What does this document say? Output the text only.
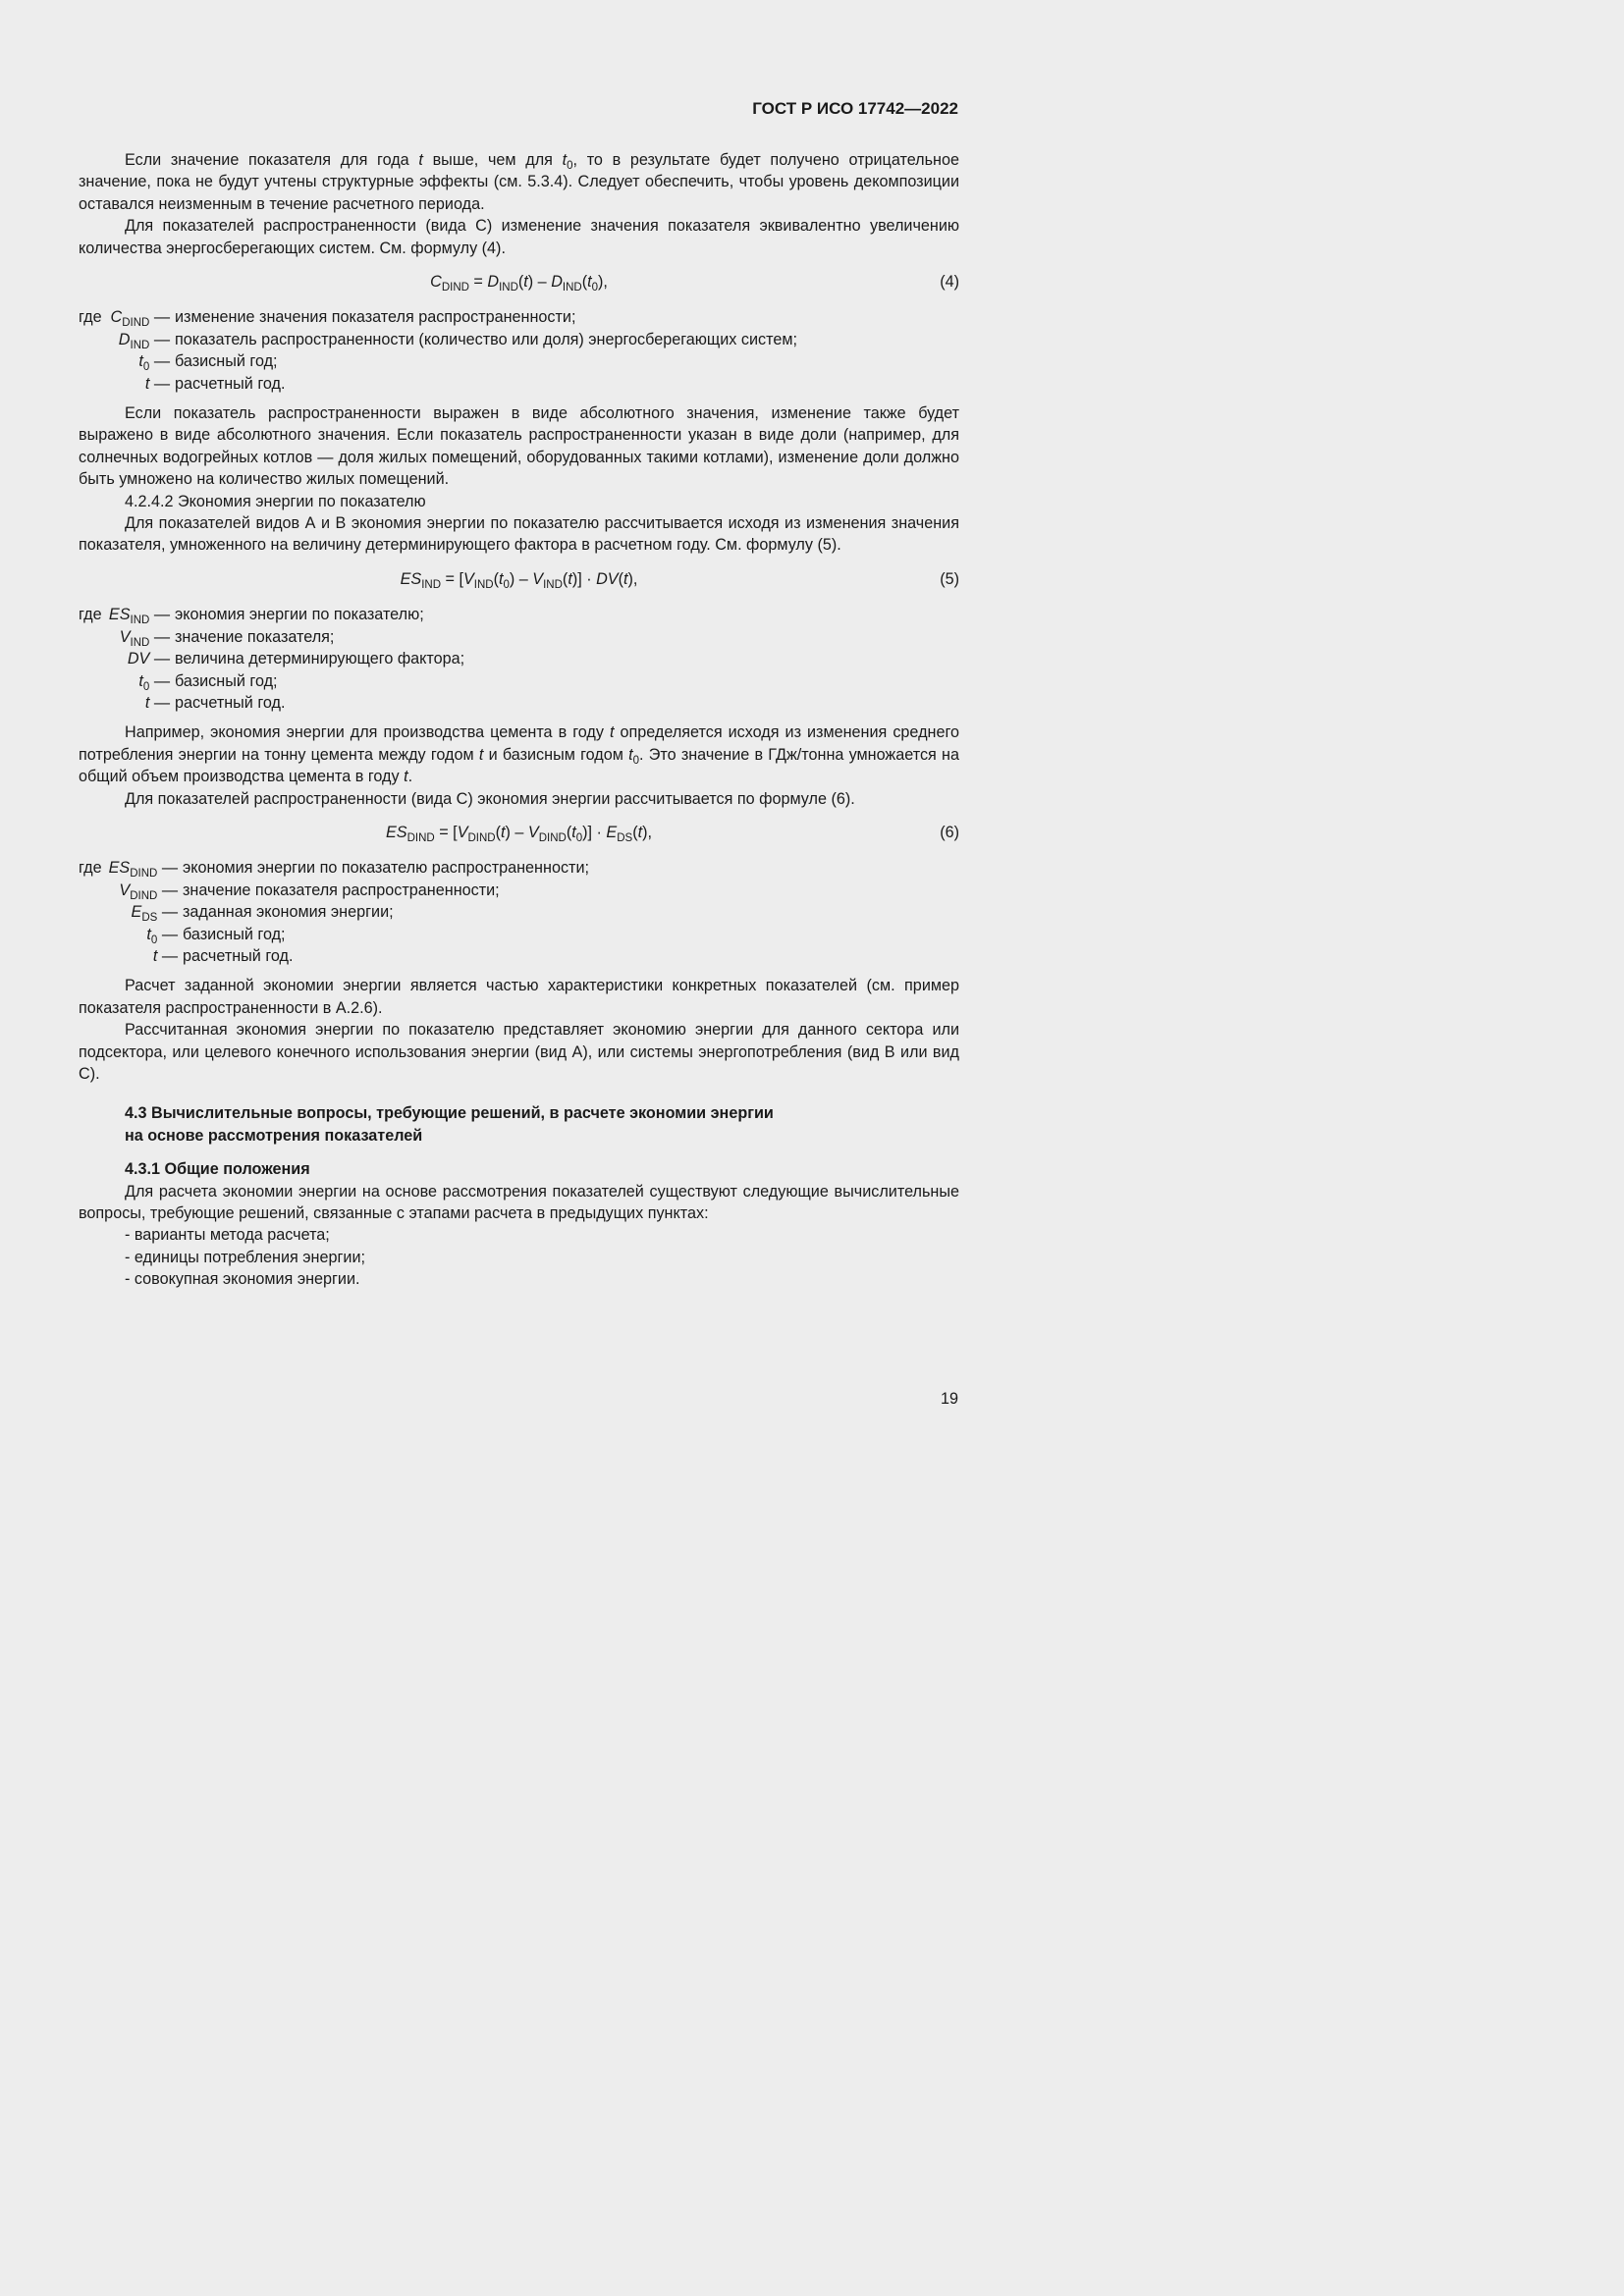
ГОСТ Р ИСО 17742—2022

Если значение показателя для года t выше, чем для $t_0$, то в результате будет получено отрицательное значение, пока не будут учтены структурные эффекты (см. 5.3.4). Следует обеспечить, чтобы уровень декомпозиции оставался неизменным в течение расчетного периода.

Для показателей распространенности (вида С) изменение значения показателя эквивалентно увеличению количества энергосберегающих систем. См. формулу (4).

$C_{DIND} = D_{IND}(t) - D_{IND}(t_0)$,	(4)
где $C_{DIND}$ — изменение значения показателя распространенности;
$D_{IND}$ — показатель распространенности (количество или доля) энергосберегающих систем;
$t_0$ — базисный год;
t — расчетный год.

Если показатель распространенности выражен в виде абсолютного значения, изменение также будет выражено в виде абсолютного значения. Если показатель распространенности указан в виде доли (например, для солнечных водогрейных котлов — доля жилых помещений, оборудованных такими котлами), изменение доли должно быть умножено на количество жилых помещений.

4.2.4.2 Экономия энергии по показателю

Для показателей видов А и В экономия энергии по показателю рассчитывается исходя из изменения значения показателя, умноженного на величину детерминирующего фактора в расчетном году. См. формулу (5).

$ES_{IND} = [V_{IND}(t_0) - V_{IND}(t)] \cdot DV(t)$,	(5)
где $ES_{IND}$ — экономия энергии по показателю;
$V_{IND}$ — значение показателя;
DV — величина детерминирующего фактора;
$t_0$ — базисный год;
t — расчетный год.

Например, экономия энергии для производства цемента в году t определяется исходя из изменения среднего потребления энергии на тонну цемента между годом t и базисным годом $t_0$. Это значение в ГДж/тонна умножается на общий объем производства цемента в году t.

Для показателей распространенности (вида С) экономия энергии рассчитывается по формуле (6).

$ES_{DIND} = [V_{DIND}(t) - V_{DIND}(t_0)] \cdot E_{DS}(t)$,	(6)
где $ES_{DIND}$ — экономия энергии по показателю распространенности;
$V_{DIND}$ — значение показателя распространенности;
$E_{DS}$ — заданная экономия энергии;
$t_0$ — базисный год;
t — расчетный год.

Расчет заданной экономии энергии является частью характеристики конкретных показателей (см. пример показателя распространенности в А.2.6).

Рассчитанная экономия энергии по показателю представляет экономию энергии для данного сектора или подсектора, или целевого конечного использования энергии (вид А), или системы энергопотребления (вид В или вид С).

4.3 Вычислительные вопросы, требующие решений, в расчете экономии энергии
на основе рассмотрения показателей
4.3.1 Общие положения

Для расчета экономии энергии на основе рассмотрения показателей существуют следующие вычислительные вопросы, требующие решений, связанные с этапами расчета в предыдущих пунктах:

- варианты метода расчета;
- единицы потребления энергии;
- совокупная экономия энергии.
19
